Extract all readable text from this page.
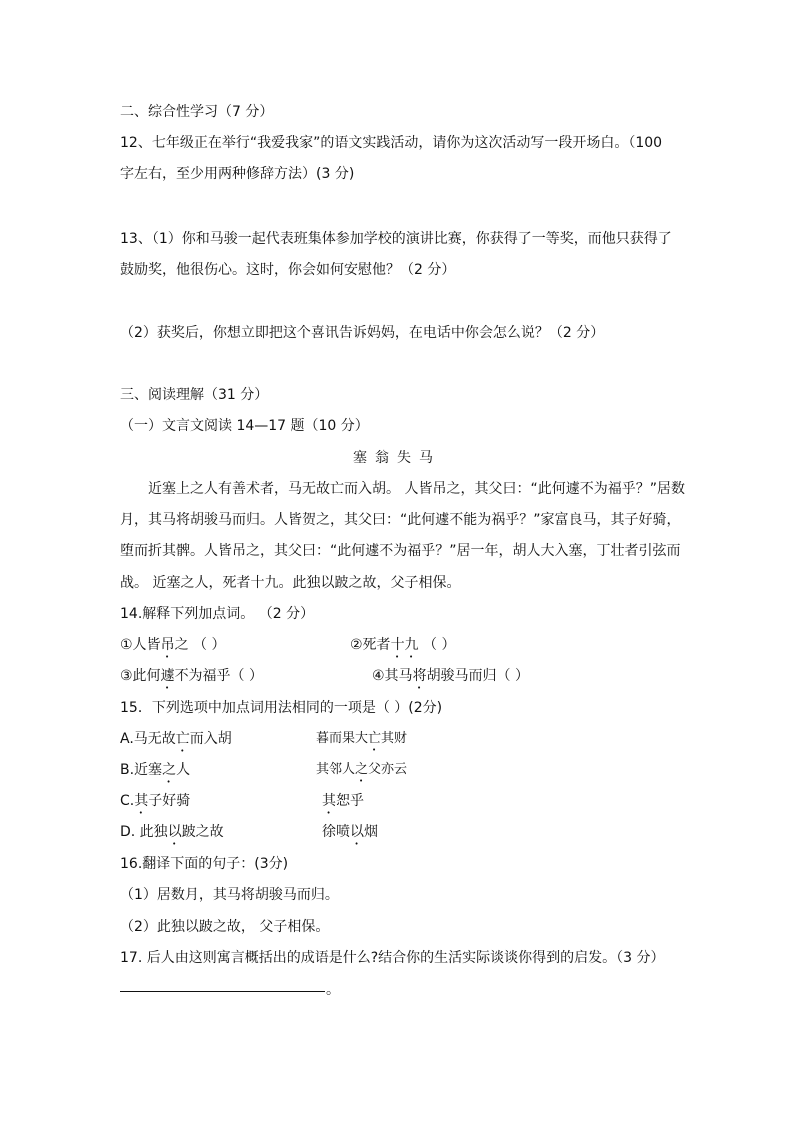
二、综合性学习（7 分）
12、七年级正在举行“我爱我家”的语文实践活动，请你为这次活动写一段开场白。（100
字左右，至少用两种修辞方法）(3 分)
13、（1）你和马骏一起代表班集体参加学校的演讲比赛，你获得了一等奖，而他只获得了
鼓励奖，他很伤心。这时，你会如何安慰他？（2 分）
（2）获奖后，你想立即把这个喜讯告诉妈妈，在电话中你会怎么说？（2 分）
三、阅读理解（31 分）
（一）文言文阅读 14—17 题（10 分）
塞翁失马
近塞上之人有善术者，马无故亡而入胡。 人皆吊之，其父曰：“此何遽不为福乎？”居数
月，其马将胡骏马而归。人皆贺之，其父曰：“此何遽不能为祸乎？”家富良马，其子好骑，
堕而折其髀。人皆吊之，其父曰：“此何遽不为福乎？”居一年，胡人大入塞，丁壮者引弦而
战。 近塞之人，死者十九。此独以跛之故，父子相保。
14.解释下列加点词。 （2 分）
①人皆吊之 （ ）	②死者十九 （ ）
③此何遽不为福乎（ ）	④其马将胡骏马而归（ ）
15．下列选项中加点词用法相同的一项是（ ）(2分)
A.马无故亡而入胡	暮而果大亡其财
B.近塞之人	其邻人之父亦云
C.其子好骑	其恕乎
D. 此独以跛之故	徐喷以烟
16.翻译下面的句子：(3分)
（1）居数月，其马将胡骏马而归。
（2）此独以跛之故， 父子相保。
17. 后人由这则寓言概括出的成语是什么?结合你的生活实际谈谈你得到的启发。（3 分）
。
